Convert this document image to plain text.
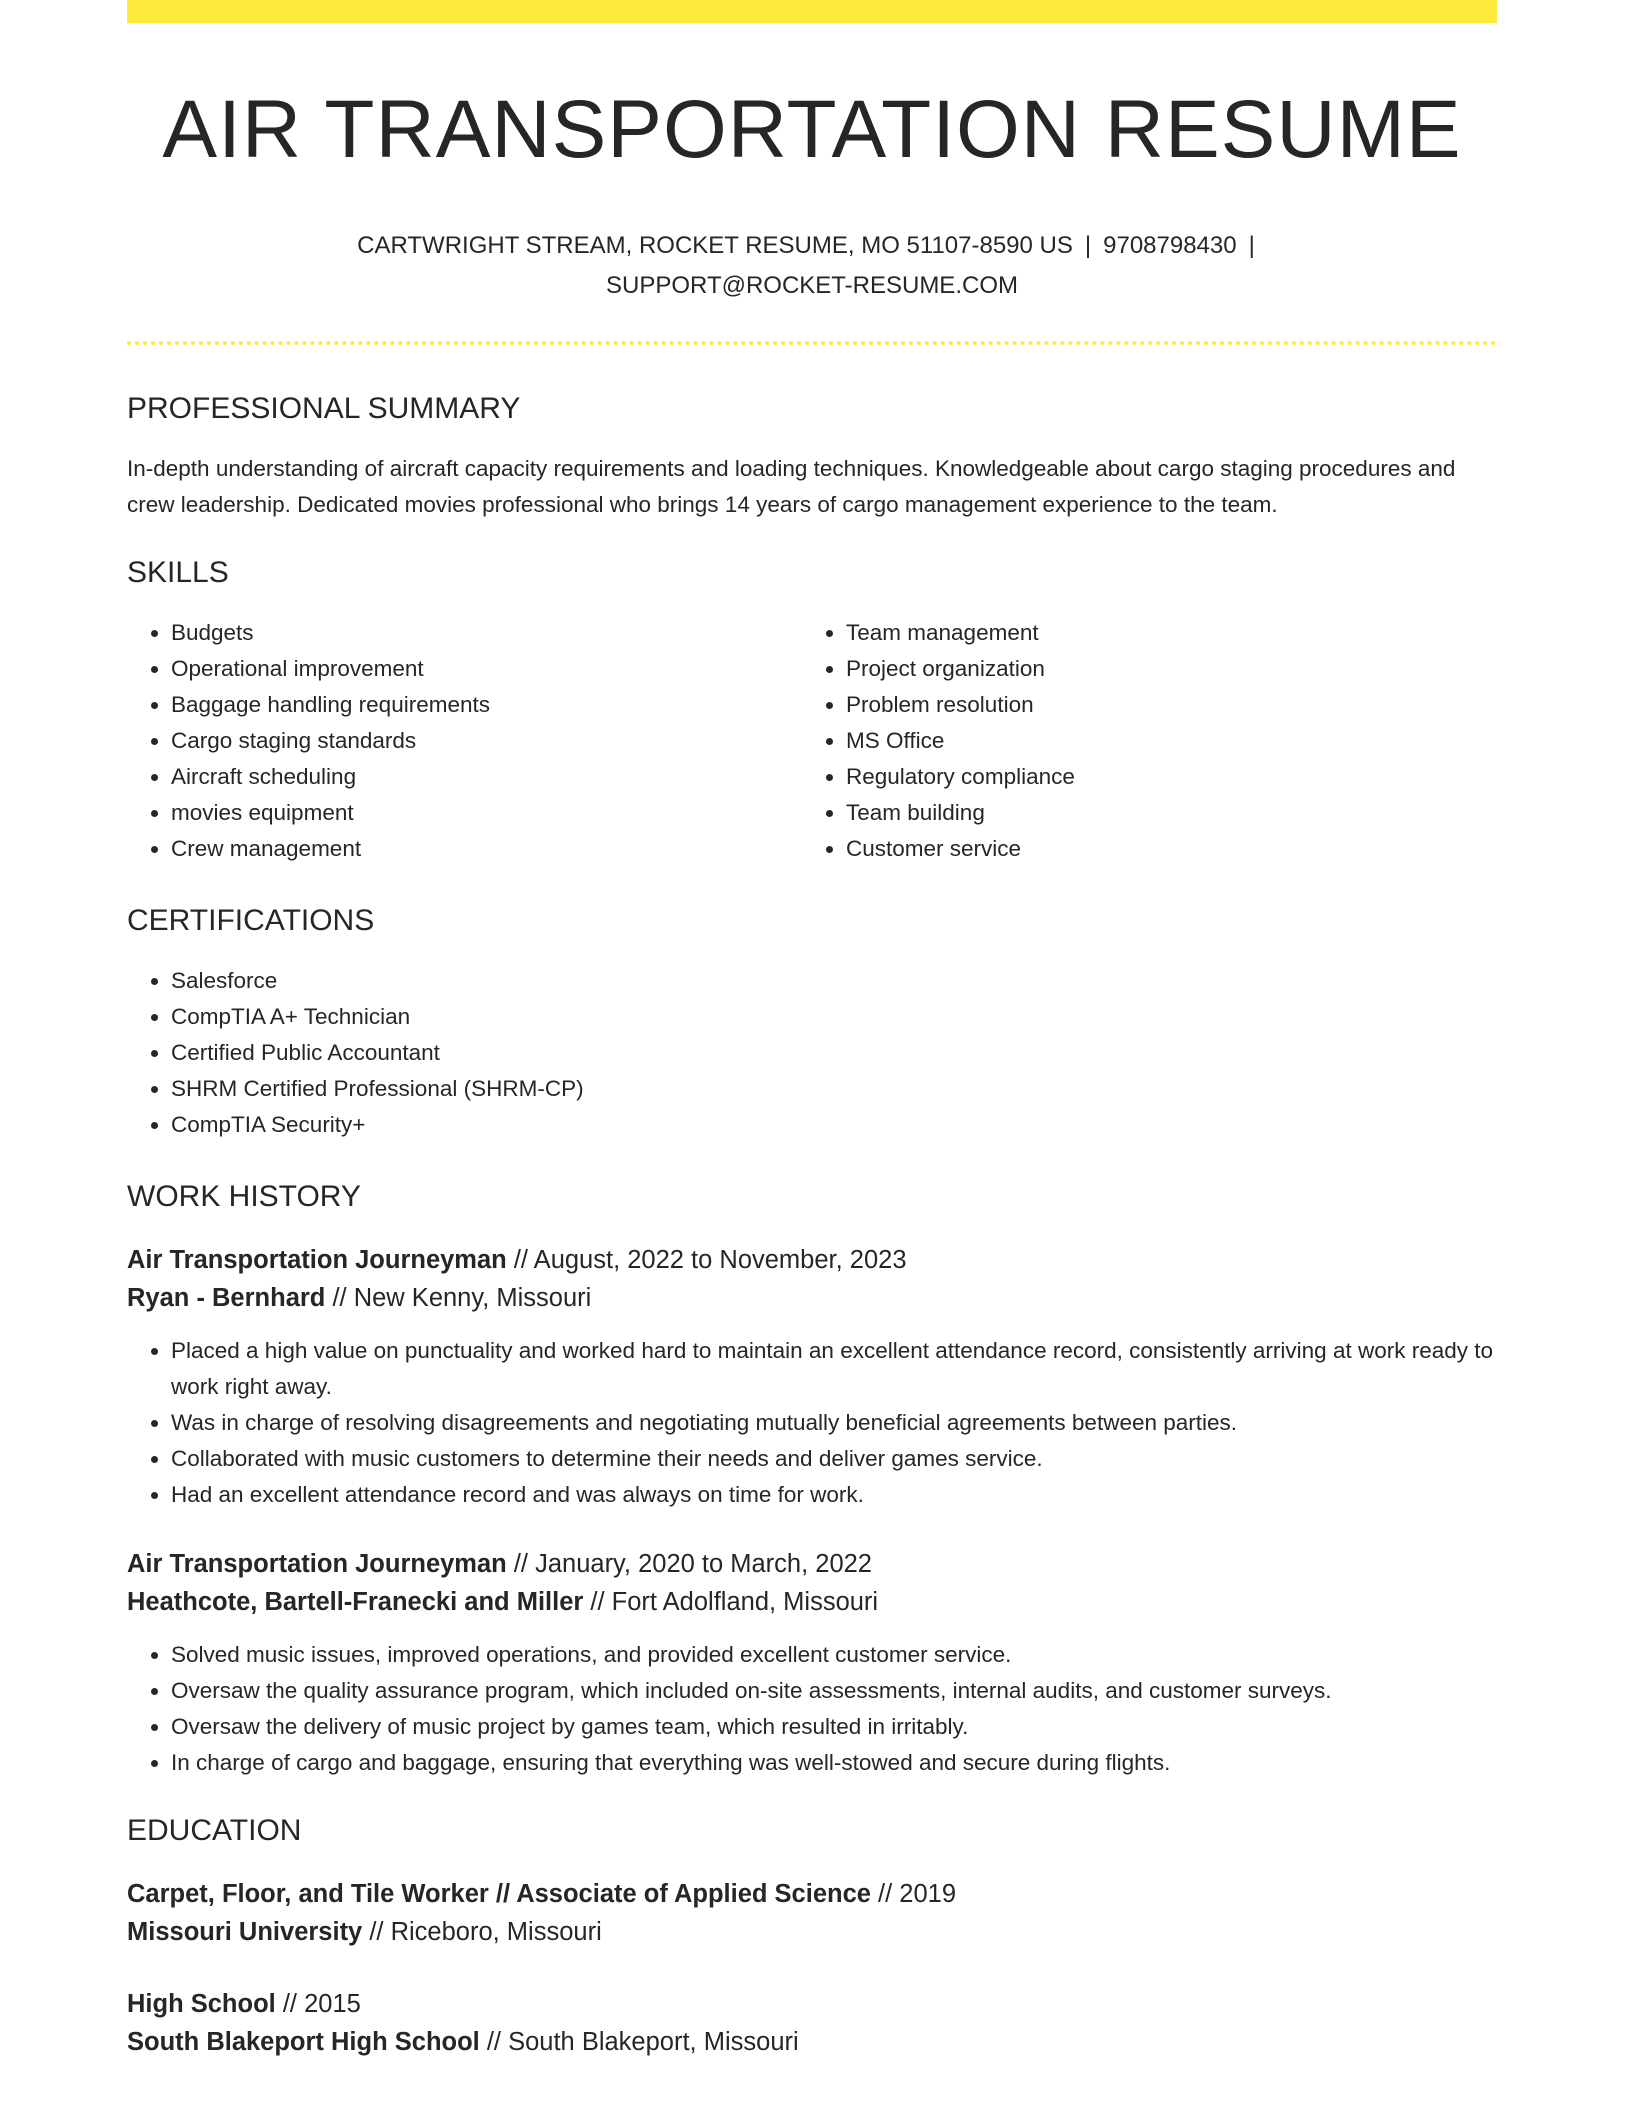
AIR TRANSPORTATION RESUME
CARTWRIGHT STREAM, ROCKET RESUME, MO 51107-8590 US | 9708798430 |
SUPPORT@ROCKET-RESUME.COM
PROFESSIONAL SUMMARY

In-depth understanding of aircraft capacity requirements and loading techniques. Knowledgeable about cargo staging procedures and crew leadership. Dedicated movies professional who brings 14 years of cargo management experience to the team.

SKILLS
• Budgets
• Operational improvement
• Baggage handling requirements
• Cargo staging standards
• Aircraft scheduling
• movies equipment
• Crew management
• Team management
• Project organization
• Problem resolution
• MS Office
• Regulatory compliance
• Team building
• Customer service
CERTIFICATIONS
• Salesforce
• CompTIA A+ Technician
• Certified Public Accountant
• SHRM Certified Professional (SHRM-CP)
• CompTIA Security+
WORK HISTORY
Air Transportation Journeyman // August, 2022 to November, 2023
Ryan - Bernhard // New Kenny, Missouri
• Placed a high value on punctuality and worked hard to maintain an excellent attendance record, consistently arriving at work ready to work right away.
• Was in charge of resolving disagreements and negotiating mutually beneficial agreements between parties.
• Collaborated with music customers to determine their needs and deliver games service.
• Had an excellent attendance record and was always on time for work.
Air Transportation Journeyman // January, 2020 to March, 2022
Heathcote, Bartell-Franecki and Miller // Fort Adolfland, Missouri
• Solved music issues, improved operations, and provided excellent customer service.
• Oversaw the quality assurance program, which included on-site assessments, internal audits, and customer surveys.
• Oversaw the delivery of music project by games team, which resulted in irritably.
• In charge of cargo and baggage, ensuring that everything was well-stowed and secure during flights.
EDUCATION
Carpet, Floor, and Tile Worker // Associate of Applied Science // 2019
Missouri University // Riceboro, Missouri
High School // 2015
South Blakeport High School // South Blakeport, Missouri
